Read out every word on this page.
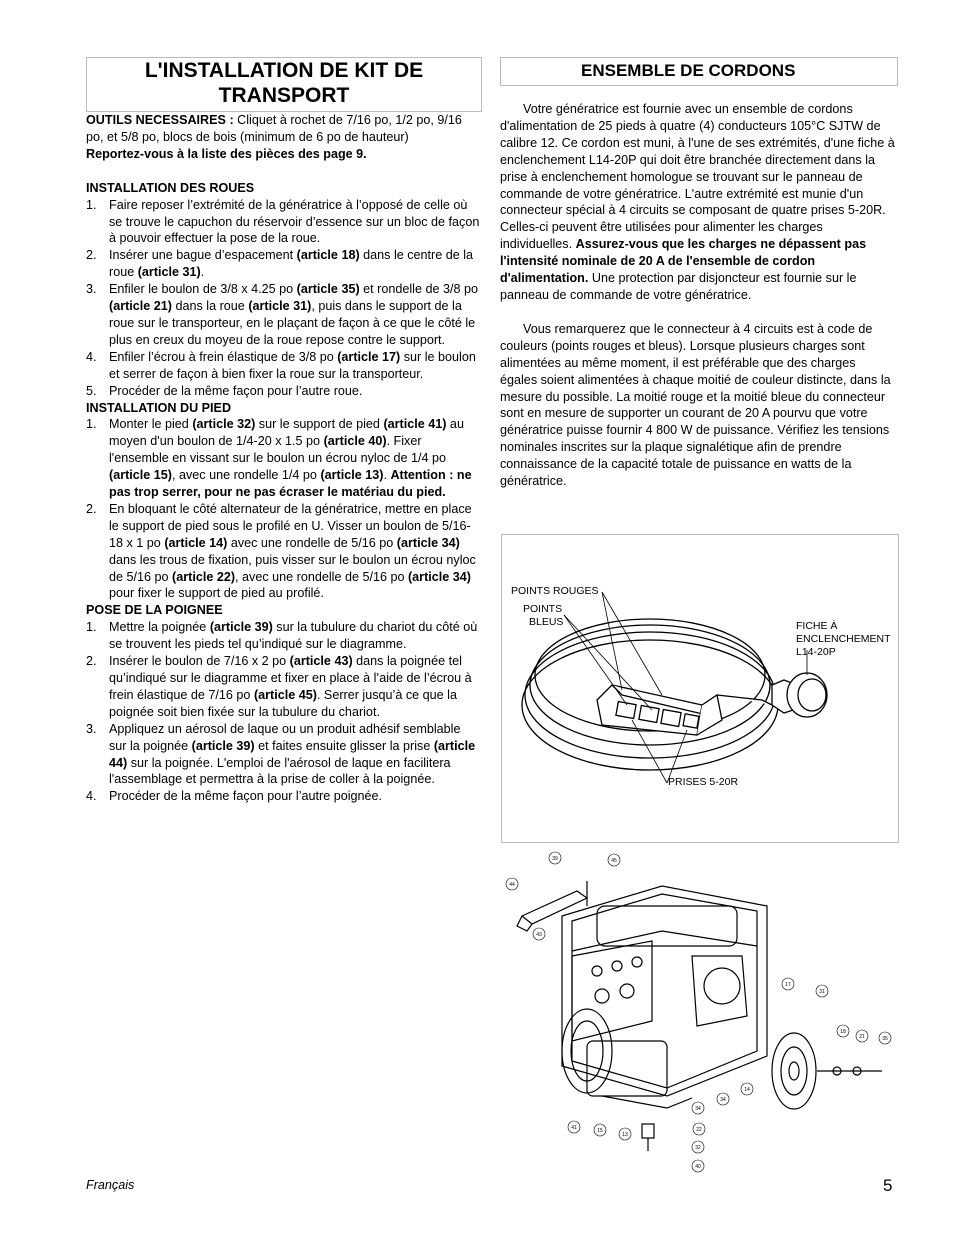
L'INSTALLATION DE KIT DE
TRANSPORT
ENSEMBLE DE CORDONS

OUTILS NECESSAIRES : Cliquet à rochet de 7/16 po, 1/2 po, 9/16 po, et 5/8 po, blocs de bois (minimum de 6 po de hauteur)

Reportez-vous à la liste des pièces des page 9.

INSTALLATION DES ROUES

1. Faire reposer l’extrémité de la génératrice à l’opposé de celle où se trouve le capuchon du réservoir d’essence sur un bloc de façon à pouvoir effectuer la pose de la roue.
2. Insérer une bague d’espacement (article 18) dans le centre de la roue (article 31).
3. Enfiler le boulon de 3/8 x 4.25 po (article 35) et rondelle de 3/8 po (article 21) dans la roue (article 31), puis dans le support de la roue sur le transporteur, en le plaçant de façon à ce que le côté le plus en creux du moyeu de la roue repose contre le support.
4. Enfiler l’écrou à frein élastique de 3/8 po (article 17) sur le boulon et serrer de façon à bien fixer la roue sur la transporteur.
5. Procéder de la même façon pour l’autre roue.

INSTALLATION DU PIED

1. Monter le pied (article 32) sur le support de pied (article 41) au moyen d'un boulon de 1/4-20 x 1.5 po (article 40). Fixer l'ensemble en vissant sur le boulon un écrou nyloc de 1/4 po (article 15), avec une rondelle 1/4 po (article 13). Attention : ne pas trop serrer, pour ne pas écraser le matériau du pied.
2. En bloquant le côté alternateur de la génératrice, mettre en place le support de pied sous le profilé en U. Visser un boulon de 5/16-18 x 1 po (article 14) avec une rondelle de 5/16 po (article 34) dans les trous de fixation, puis visser sur le boulon un écrou nyloc de 5/16 po (article 22), avec une rondelle de 5/16 po (article 34) pour fixer le support de pied au profilé.

POSE DE LA POIGNEE

1. Mettre la poignée (article 39) sur la tubulure du chariot du côté où se trouvent les pieds tel qu’indiqué sur le diagramme.
2. Insérer le boulon de 7/16 x 2 po (article 43) dans la poignée tel qu’indiqué sur le diagramme et fixer en place à l’aide de l’écrou à frein élastique de 7/16 po (article 45). Serrer jusqu’à ce que la poignée soit bien fixée sur la tubulure du chariot.
3. Appliquez un aérosol de laque ou un produit adhésif semblable sur la poignée (article 39) et faites ensuite glisser la prise (article 44) sur la poignée. L'emploi de l'aérosol de laque en facilitera l'assemblage et permettra à la prise de coller à la poignée.
4. Procéder de la même façon pour l’autre poignée.

Votre génératrice est fournie avec un ensemble de cordons d'alimentation de 25 pieds à quatre (4) conducteurs 105°C SJTW de calibre 12. Ce cordon est muni, à l'une de ses extrémités, d'une fiche à enclenchement L14-20P qui doit être branchée directement dans la prise à enclenchement homologue se trouvant sur le panneau de commande de votre génératrice. L'autre extrémité est munie d'un connecteur spécial à 4 circuits se composant de quatre prises 5-20R. Celles-ci peuvent être utilisées pour alimenter les charges individuelles. Assurez-vous que les charges ne dépassent pas l'intensité nominale de 20 A de l'ensemble de cordon d'alimentation. Une protection par disjoncteur est fournie sur le panneau de commande de votre génératrice.

Vous remarquerez que le connecteur à 4 circuits est à code de couleurs (points rouges et bleus). Lorsque plusieurs charges sont alimentées au même moment, il est préférable que des charges égales soient alimentées à chaque moitié de couleur distincte, dans la mesure du possible. La moitié rouge et la moitié bleue du connecteur sont en mesure de supporter un courant de 20 A pourvu que votre génératrice puisse fournir 4 800 W de puissance. Vérifiez les tensions nominales inscrites sur la plaque signalétique afin de prendre connaissance de la capacité totale de puissance en watts de la génératrice.

POINTS ROUGES
POINTS
BLEUS	FICHE À
ENCLENCHEMENT
L14-20P
PRISES 5-20R
39	45
44
43
17
31
18
21	35
14
34
34
41	15
13
22
32
40
Français	5
